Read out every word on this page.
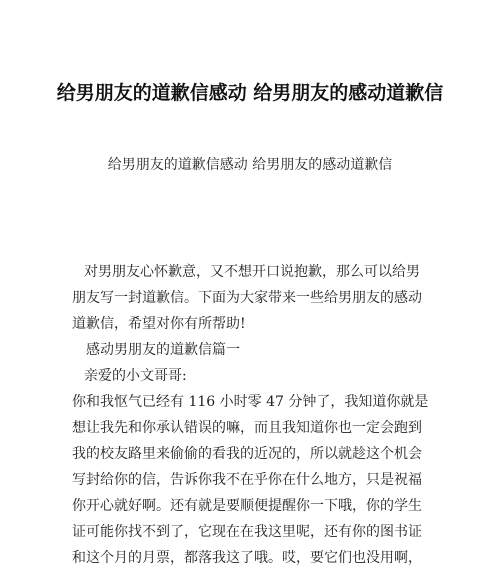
给男朋友的道歉信感动 给男朋友的感动道歉信
给男朋友的道歉信感动 给男朋友的感动道歉信

对男朋友心怀歉意，又不想开口说抱歉，那么可以给男朋友写一封道歉信。下面为大家带来一些给男朋友的感动道歉信，希望对你有所帮助!

感动男朋友的道歉信篇一

亲爱的小文哥哥:

你和我怄气已经有 116 小时零 47 分钟了，我知道你就是想让我先和你承认错误的嘛，而且我知道你也一定会跑到我的校友路里来偷偷的看我的近况的，所以就趁这个机会写封给你的信，告诉你我不在乎你在什么地方，只是祝福你开心就好啊。还有就是要顺便提醒你一下哦，你的学生证可能你找不到了，它现在在我这里呢，还有你的图书证和这个月的月票，都落我这了哦。哎，要它们也没用啊，
